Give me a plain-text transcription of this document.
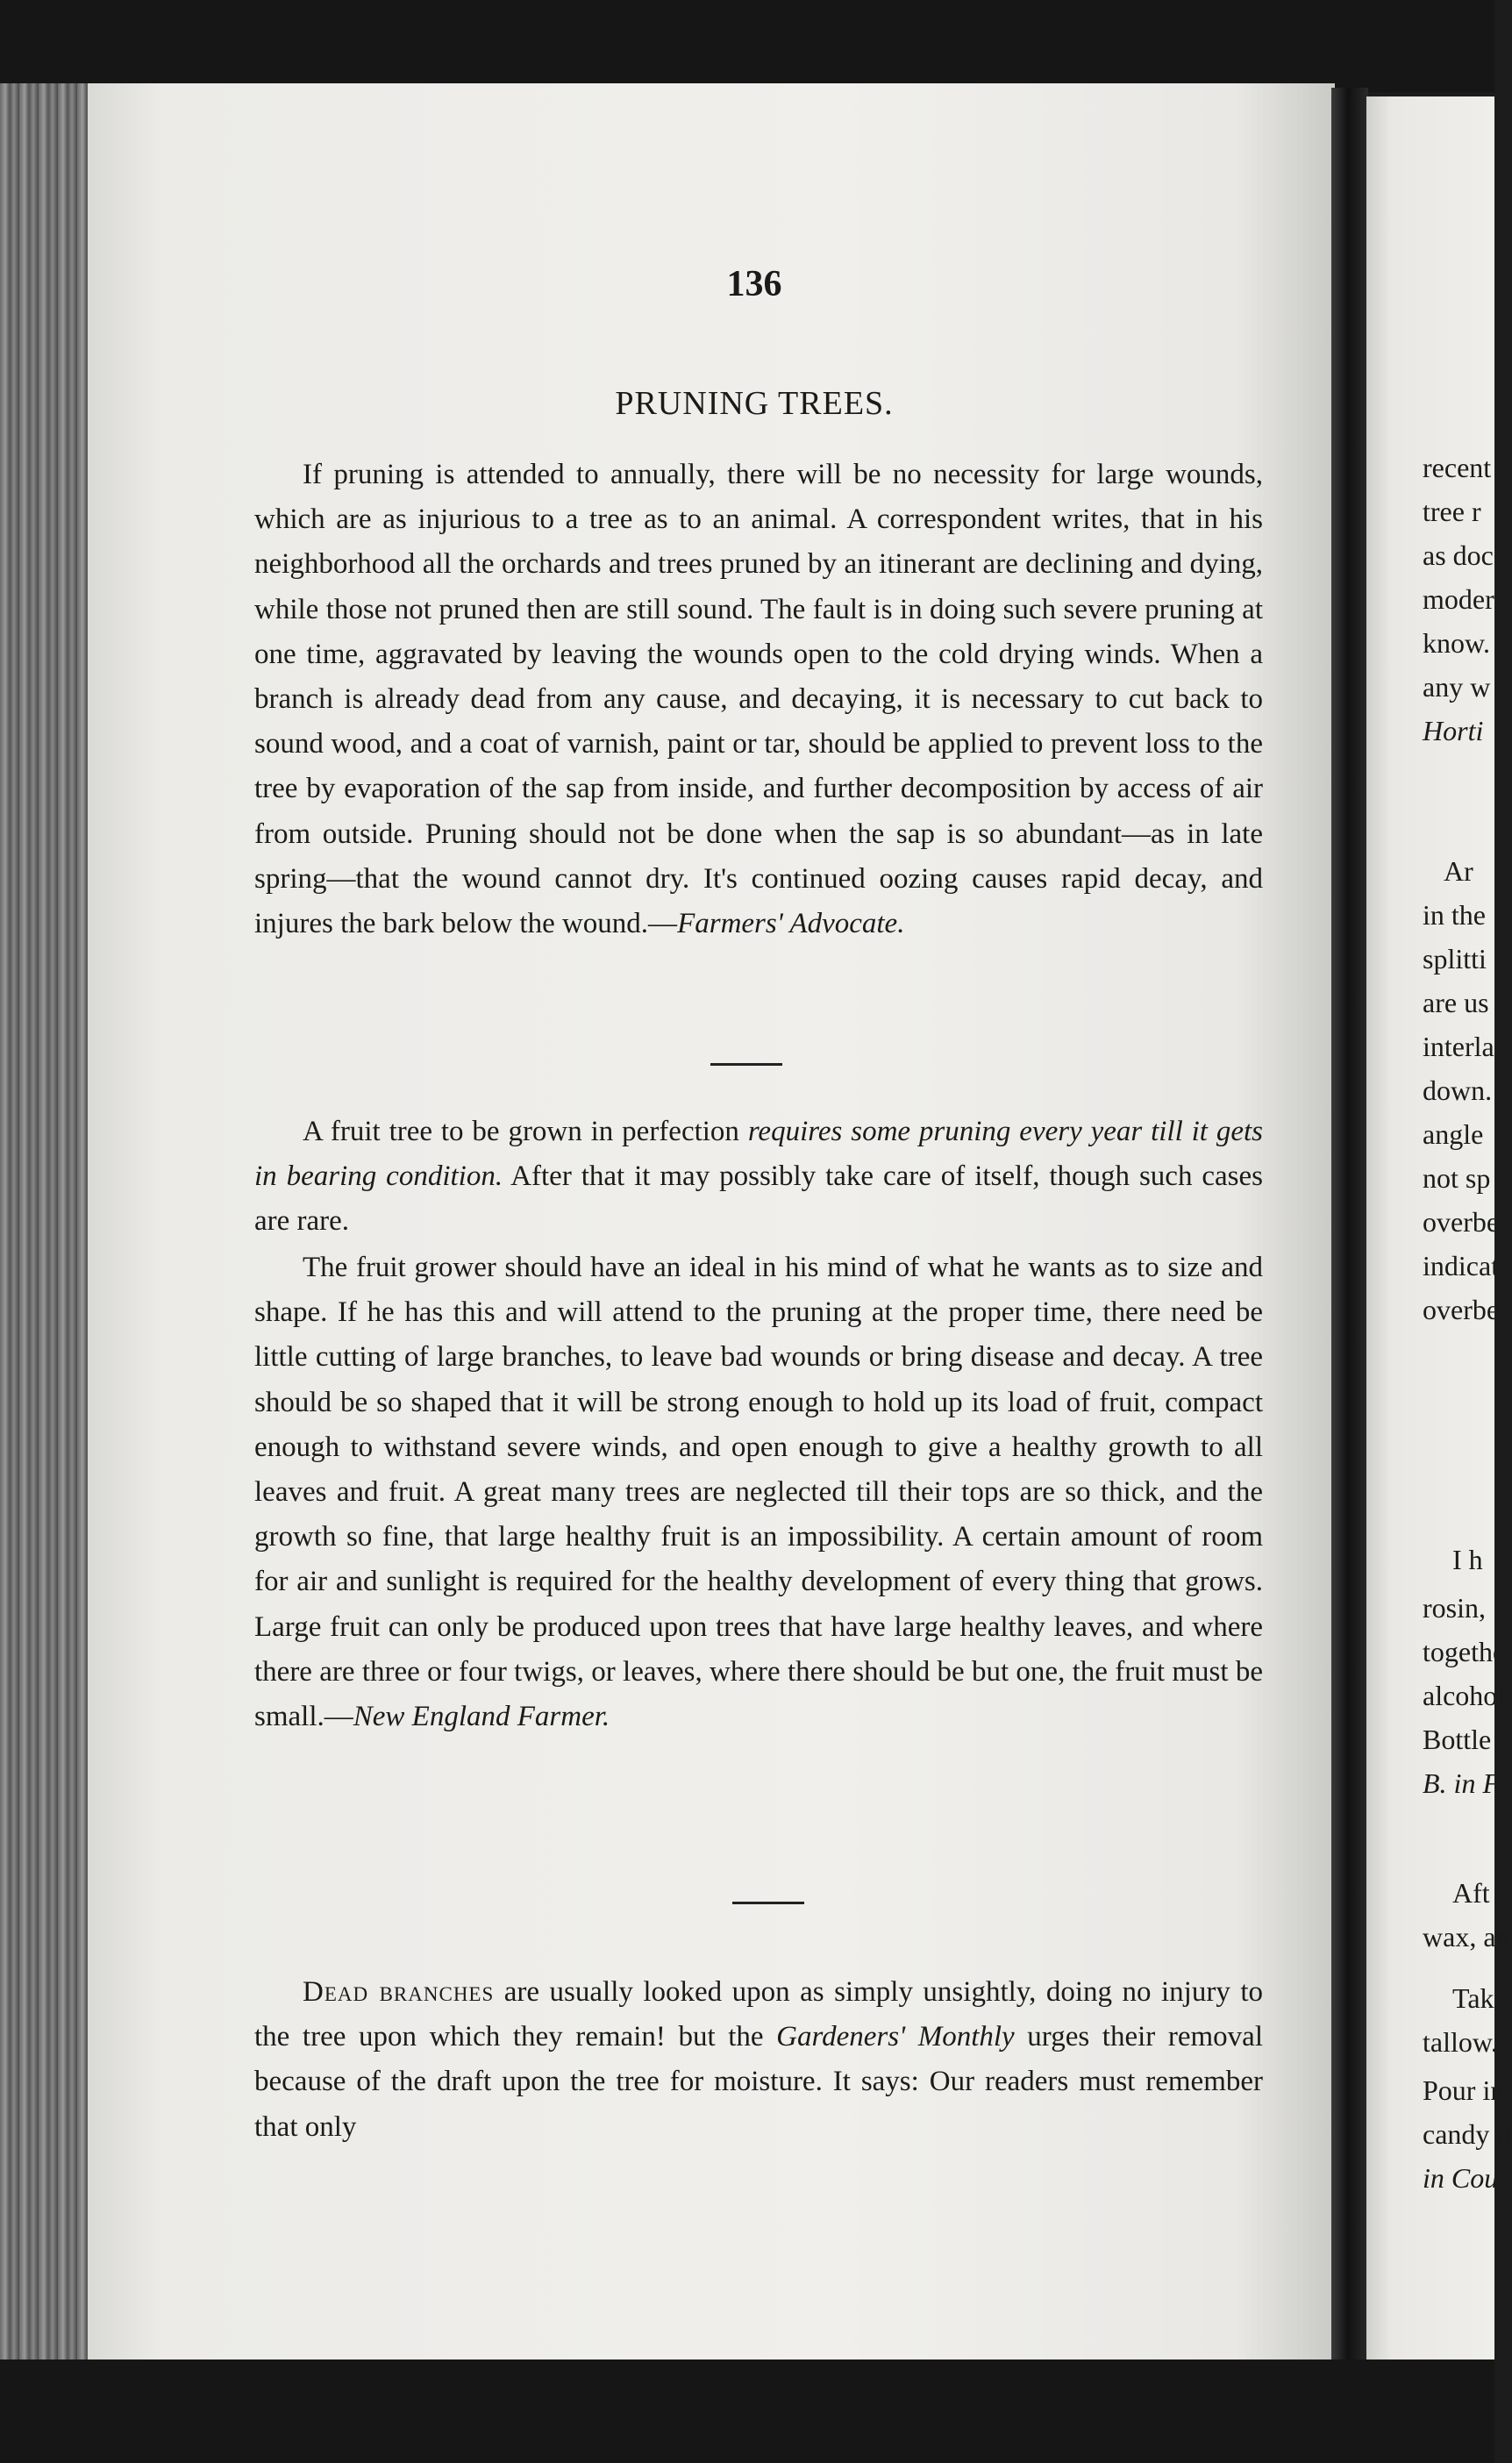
136
PRUNING TREES.

If pruning is attended to annually, there will be no necessity for large wounds, which are as injurious to a tree as to an animal. A correspondent writes, that in his neighborhood all the orchards and trees pruned by an itinerant are declining and dying, while those not pruned then are still sound. The fault is in doing such severe pruning at one time, aggravated by leaving the wounds open to the cold drying winds. When a branch is already dead from any cause, and decaying, it is necessary to cut back to sound wood, and a coat of varnish, paint or tar, should be applied to prevent loss to the tree by evaporation of the sap from inside, and further decomposition by access of air from outside. Pruning should not be done when the sap is so abundant—as in late spring—that the wound cannot dry. It's continued oozing causes rapid decay, and injures the bark below the wound.—Farmers' Advocate.

A fruit tree to be grown in perfection requires some pruning every year till it gets in bearing condition. After that it may possibly take care of itself, though such cases are rare.

The fruit grower should have an ideal in his mind of what he wants as to size and shape. If he has this and will attend to the pruning at the proper time, there need be little cutting of large branches, to leave bad wounds or bring disease and decay. A tree should be so shaped that it will be strong enough to hold up its load of fruit, compact enough to withstand severe winds, and open enough to give a healthy growth to all leaves and fruit. A great many trees are neglected till their tops are so thick, and the growth so fine, that large healthy fruit is an impossibility. A certain amount of room for air and sunlight is required for the healthy development of every thing that grows. Large fruit can only be produced upon trees that have large healthy leaves, and where there are three or four twigs, or leaves, where there should be but one, the fruit must be small.—New England Farmer.

Dead branches are usually looked upon as simply unsightly, doing no injury to the tree upon which they remain! but the Gardeners' Monthly urges their removal because of the draft upon the tree for moisture. It says: Our readers must remember that only

recent
tree r
as doc
moder
know.
any w
Horti
Ar
in the
splitti
are us
interla
down.
angle
not sp
overbe
indicat
overbe
I h
rosin,
togethe
alcohol
Bottle
B. in F
Aft
wax, an
Tak
tallow.
Pour in
candy u
in Coun
